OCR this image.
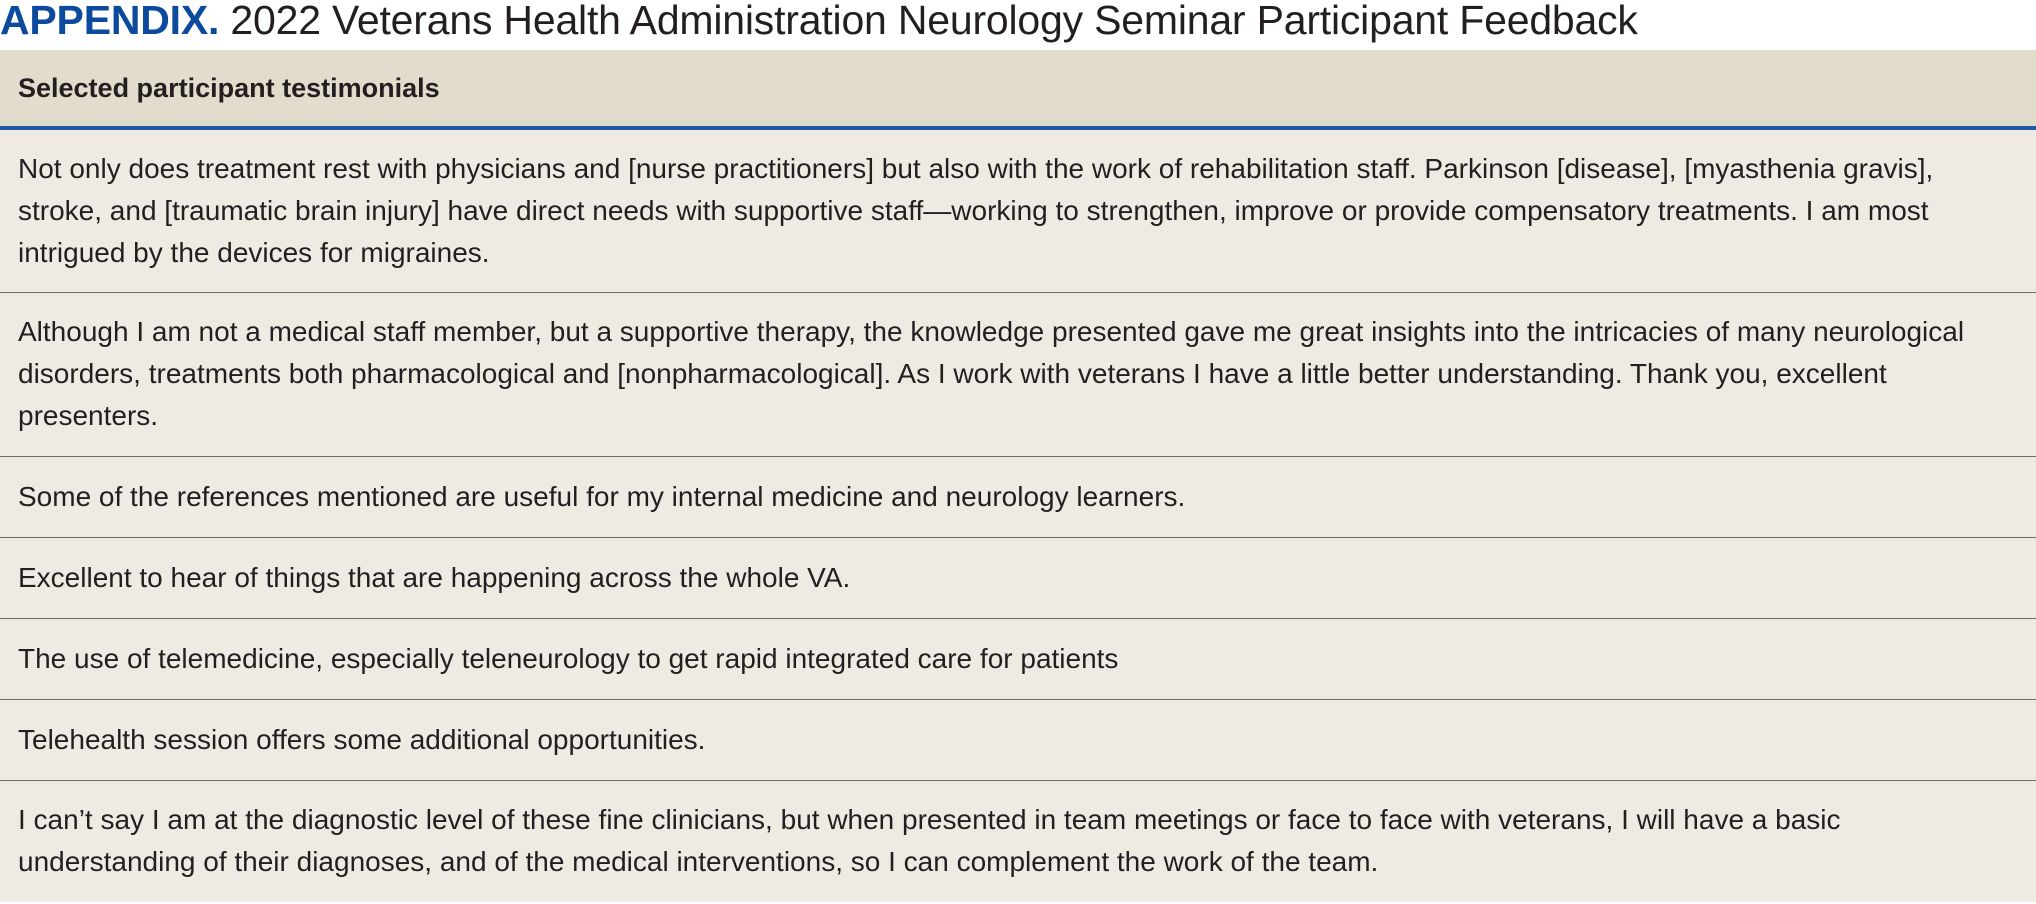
APPENDIX. 2022 Veterans Health Administration Neurology Seminar Participant Feedback
Selected participant testimonials
Not only does treatment rest with physicians and [nurse practitioners] but also with the work of rehabilitation staff. Parkinson [disease], [myasthenia gravis], stroke, and [traumatic brain injury] have direct needs with supportive staff—working to strengthen, improve or provide compensatory treatments. I am most intrigued by the devices for migraines.
Although I am not a medical staff member, but a supportive therapy, the knowledge presented gave me great insights into the intricacies of many neurological disorders, treatments both pharmacological and [nonpharmacological]. As I work with veterans I have a little better understanding. Thank you, excellent presenters.
Some of the references mentioned are useful for my internal medicine and neurology learners.
Excellent to hear of things that are happening across the whole VA.
The use of telemedicine, especially teleneurology to get rapid integrated care for patients
Telehealth session offers some additional opportunities.
I can’t say I am at the diagnostic level of these fine clinicians, but when presented in team meetings or face to face with veterans, I will have a basic understanding of their diagnoses, and of the medical interventions, so I can complement the work of the team.
